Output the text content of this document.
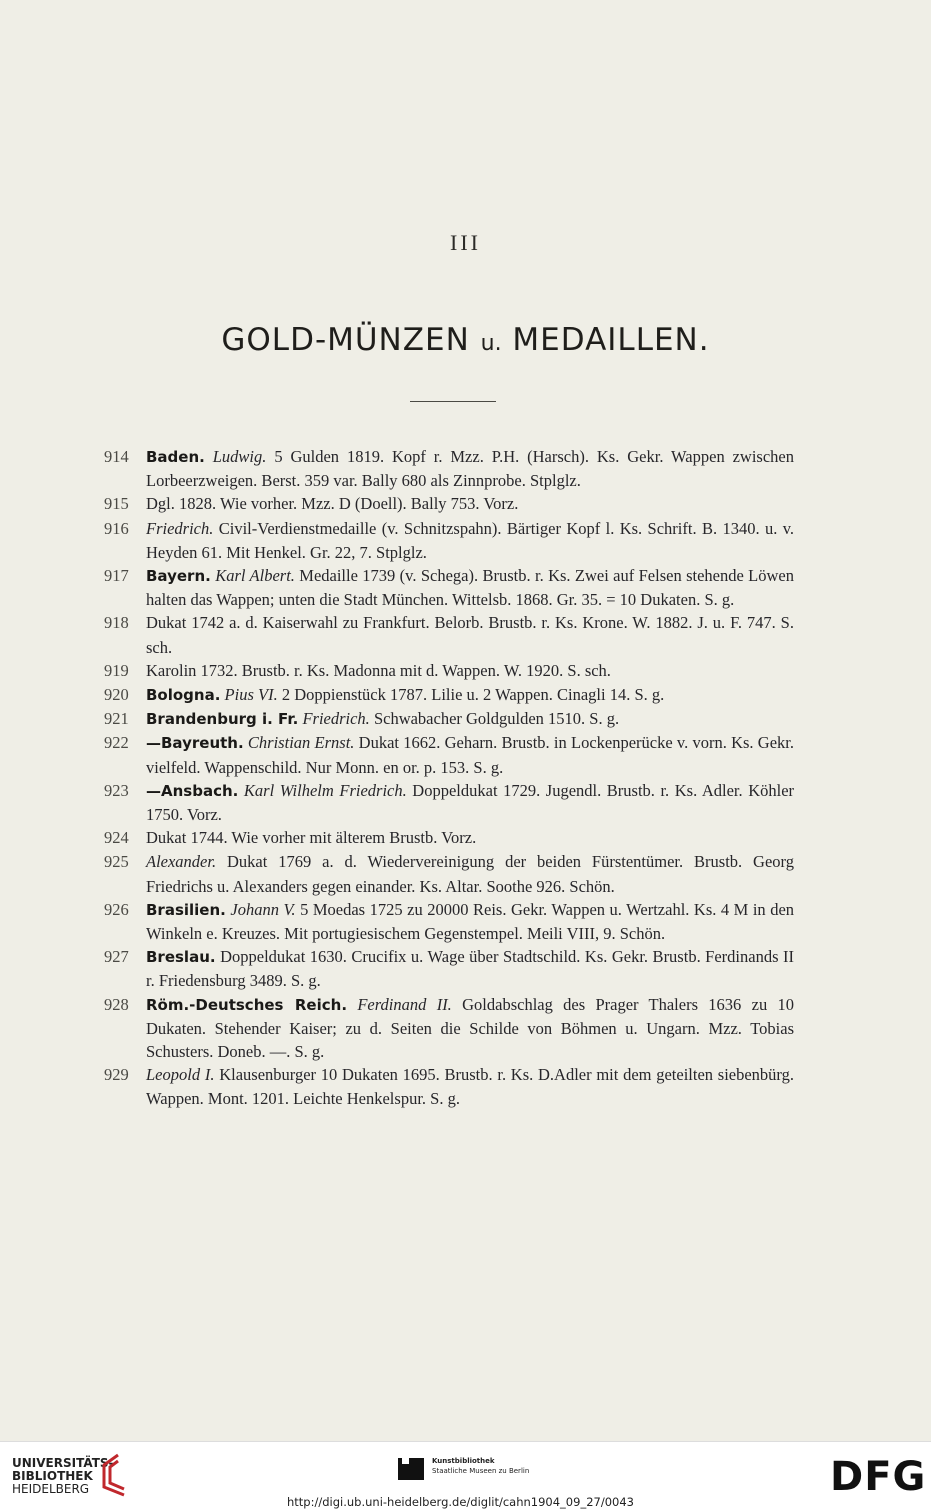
III
GOLD-MÜNZEN u. MEDAILLEN.
914	Baden. Ludwig. 5 Gulden 1819. Kopf r. Mzz. P.H. (Harsch). Ks. Gekr. Wappen zwischen Lorbeerzweigen. Berst. 359 var. Bally 680 als Zinnprobe. Stplglz.
915	Dgl. 1828. Wie vorher. Mzz. D (Doell). Bally 753. Vorz.
916	Friedrich. Civil-Verdienstmedaille (v. Schnitzspahn). Bärtiger Kopf l. Ks. Schrift. B. 1340. u. v. Heyden 61. Mit Henkel. Gr. 22, 7. Stplglz.
917	Bayern. Karl Albert. Medaille 1739 (v. Schega). Brustb. r. Ks. Zwei auf Felsen stehende Löwen halten das Wappen; unten die Stadt München. Wittelsb. 1868. Gr. 35. = 10 Dukaten. S. g.
918	Dukat 1742 a. d. Kaiserwahl zu Frankfurt. Belorb. Brustb. r. Ks. Krone. W. 1882. J. u. F. 747. S. sch.
919	Karolin 1732. Brustb. r. Ks. Madonna mit d. Wappen. W. 1920. S. sch.
920	Bologna. Pius VI. 2 Doppienstück 1787. Lilie u. 2 Wappen. Cinagli 14. S. g.
921	Brandenburg i. Fr. Friedrich. Schwabacher Goldgulden 1510. S. g.
922	—Bayreuth. Christian Ernst. Dukat 1662. Geharn. Brustb. in Lockenperücke v. vorn. Ks. Gekr. vielfeld. Wappenschild. Nur Monn. en or. p. 153. S. g.
923	—Ansbach. Karl Wilhelm Friedrich. Doppeldukat 1729. Jugendl. Brustb. r. Ks. Adler. Köhler 1750. Vorz.
924	Dukat 1744. Wie vorher mit älterem Brustb. Vorz.
925	Alexander. Dukat 1769 a. d. Wiedervereinigung der beiden Fürstentümer. Brustb. Georg Friedrichs u. Alexanders gegen einander. Ks. Altar. Soothe 926. Schön.
926	Brasilien. Johann V. 5 Moedas 1725 zu 20000 Reis. Gekr. Wappen u. Wertzahl. Ks. 4 M in den Winkeln e. Kreuzes. Mit portugiesischem Gegenstempel. Meili VIII, 9. Schön.
927	Breslau. Doppeldukat 1630. Crucifix u. Wage über Stadtschild. Ks. Gekr. Brustb. Ferdinands II r. Friedensburg 3489. S. g.
928	Röm.-Deutsches Reich. Ferdinand II. Goldabschlag des Prager Thalers 1636 zu 10 Dukaten. Stehender Kaiser; zu d. Seiten die Schilde von Böhmen u. Ungarn. Mzz. Tobias Schusters. Doneb. —. S. g.
929	Leopold I. Klausenburger 10 Dukaten 1695. Brustb. r. Ks. D.Adler mit dem geteilten siebenbürg. Wappen. Mont. 1201. Leichte Henkelspur. S. g.
UNIVERSITÄTS-
BIBLIOTHEK
HEIDELBERG
Kunstbibliothek
Staatliche Museen zu Berlin	DFG
http://digi.ub.uni-heidelberg.de/diglit/cahn1904_09_27/0043
